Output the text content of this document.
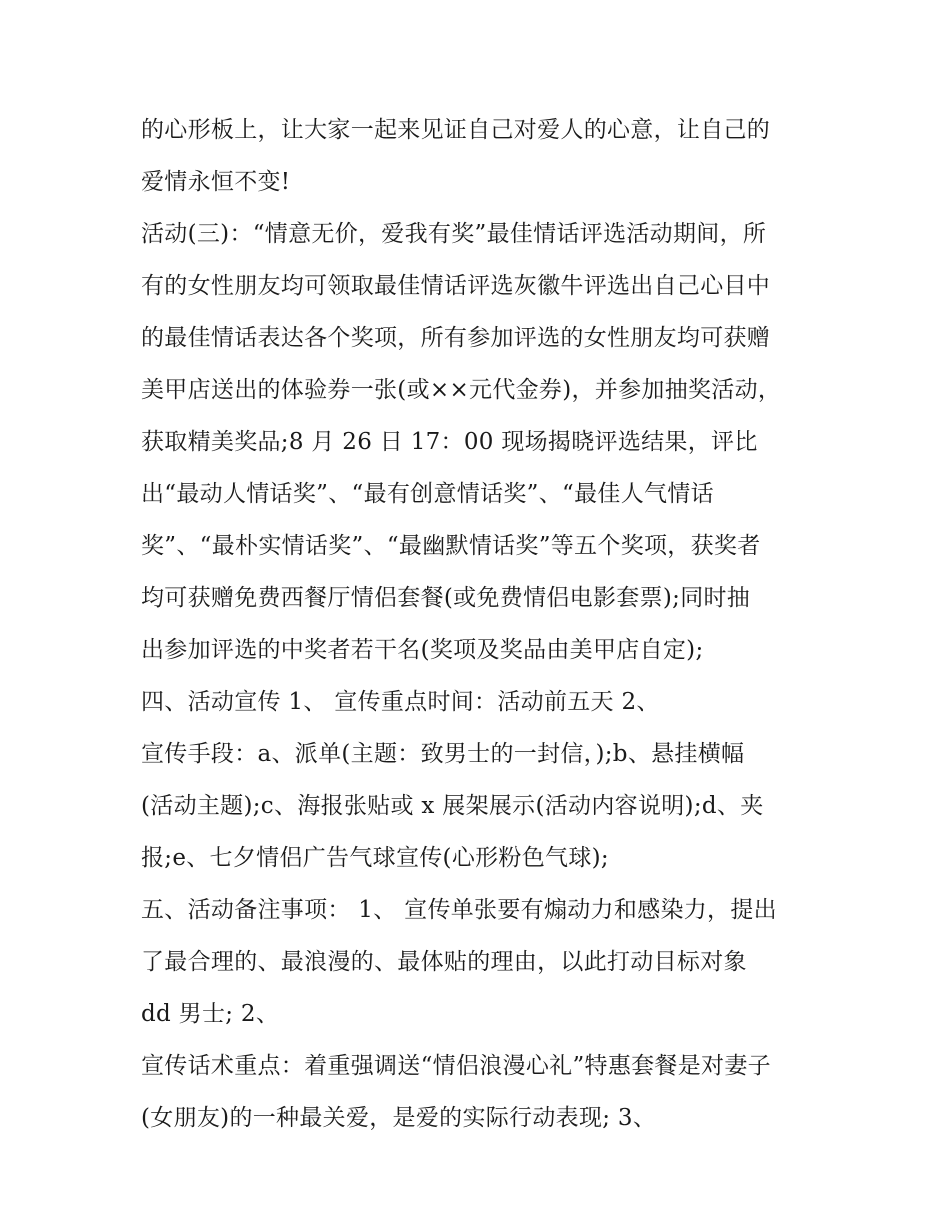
的心形板上，让大家一起来见证自己对爱人的心意，让自己的
爱情永恒不变!
活动(三)：“情意无价，爱我有奖”最佳情话评选活动期间，所
有的女性朋友均可领取最佳情话评选灰徽牛评选出自己心目中
的最佳情话表达各个奖项，所有参加评选的女性朋友均可获赠
美甲店送出的体验券一张(或××元代金券)，并参加抽奖活动，
获取精美奖品;8 月 26 日 17：00 现场揭晓评选结果，评比
出“最动人情话奖”、“最有创意情话奖”、“最佳人气情话
奖”、“最朴实情话奖”、“最幽默情话奖”等五个奖项，获奖者
均可获赠免费西餐厅情侣套餐(或免费情侣电影套票);同时抽
出参加评选的中奖者若干名(奖项及奖品由美甲店自定);
四、活动宣传 1、 宣传重点时间：活动前五天 2、
宣传手段：a、派单(主题：致男士的一封信，);b、悬挂横幅
(活动主题);c、海报张贴或 x 展架展示(活动内容说明);d、夹
报;e、七夕情侣广告气球宣传(心形粉色气球);
五、活动备注事项： 1、 宣传单张要有煽动力和感染力，提出
了最合理的、最浪漫的、最体贴的理由，以此打动目标对象
dd 男士; 2、
宣传话术重点：着重强调送“情侣浪漫心礼”特惠套餐是对妻子
(女朋友)的一种最关爱，是爱的实际行动表现; 3、
